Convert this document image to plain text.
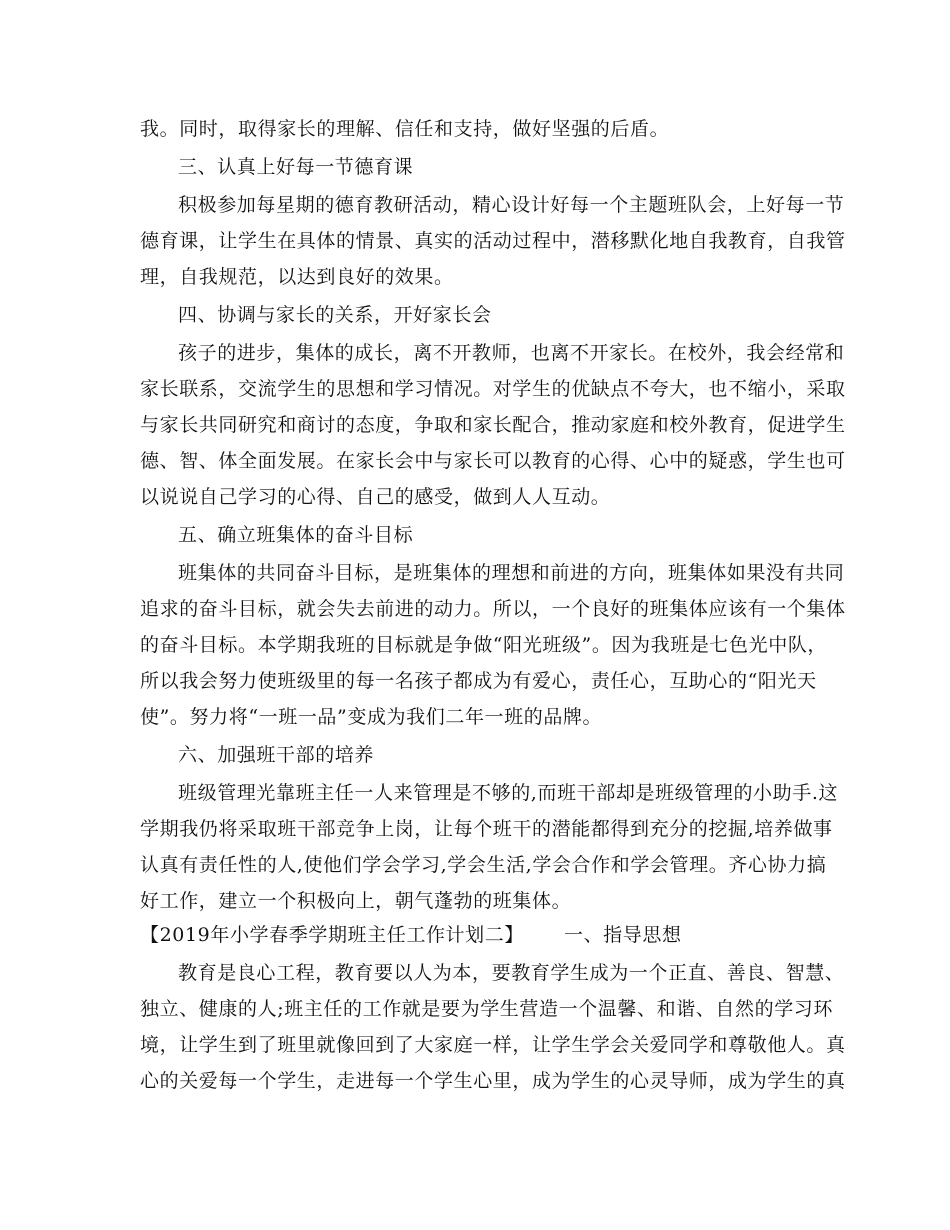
我。同时，取得家长的理解、信任和支持，做好坚强的后盾。
三、认真上好每一节德育课
积极参加每星期的德育教研活动，精心设计好每一个主题班队会，上好每一节
德育课，让学生在具体的情景、真实的活动过程中，潜移默化地自我教育，自我管
理，自我规范，以达到良好的效果。
四、协调与家长的关系，开好家长会
孩子的进步，集体的成长，离不开教师，也离不开家长。在校外，我会经常和
家长联系，交流学生的思想和学习情况。对学生的优缺点不夸大，也不缩小，采取
与家长共同研究和商讨的态度，争取和家长配合，推动家庭和校外教育，促进学生
德、智、体全面发展。在家长会中与家长可以教育的心得、心中的疑惑，学生也可
以说说自己学习的心得、自己的感受，做到人人互动。
五、确立班集体的奋斗目标
班集体的共同奋斗目标，是班集体的理想和前进的方向，班集体如果没有共同
追求的奋斗目标，就会失去前进的动力。所以，一个良好的班集体应该有一个集体
的奋斗目标。本学期我班的目标就是争做“阳光班级”。因为我班是七色光中队，
所以我会努力使班级里的每一名孩子都成为有爱心，责任心，互助心的“阳光天
使”。努力将“一班一品”变成为我们二年一班的品牌。
六、加强班干部的培养
班级管理光靠班主任一人来管理是不够的,而班干部却是班级管理的小助手.这
学期我仍将采取班干部竞争上岗，让每个班干的潜能都得到充分的挖掘,培养做事
认真有责任性的人,使他们学会学习,学会生活,学会合作和学会管理。齐心协力搞
好工作，建立一个积极向上，朝气蓬勃的班集体。
【2019年小学春季学期班主任工作计划二】 一、指导思想
教育是良心工程，教育要以人为本，要教育学生成为一个正直、善良、智慧、
独立、健康的人;班主任的工作就是要为学生营造一个温馨、和谐、自然的学习环
境，让学生到了班里就像回到了大家庭一样，让学生学会关爱同学和尊敬他人。真
心的关爱每一个学生，走进每一个学生心里，成为学生的心灵导师，成为学生的真
